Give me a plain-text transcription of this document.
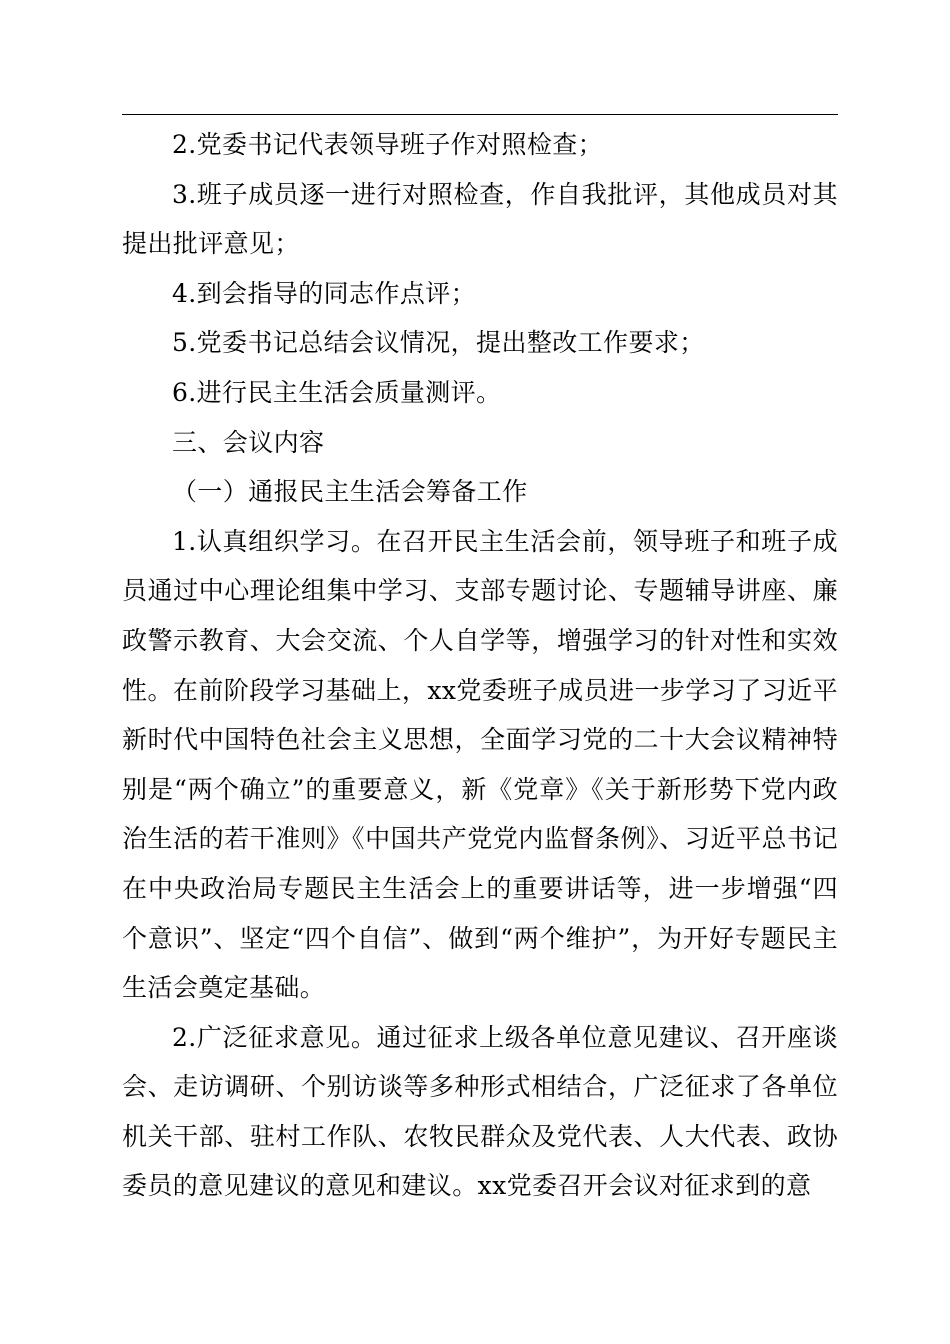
2.党委书记代表领导班子作对照检查；

3.班子成员逐一进行对照检查，作自我批评，其他成员对其提出批评意见；

4.到会指导的同志作点评；

5.党委书记总结会议情况，提出整改工作要求；

6.进行民主生活会质量测评。

三、会议内容

（一）通报民主生活会筹备工作

1.认真组织学习。在召开民主生活会前，领导班子和班子成员通过中心理论组集中学习、支部专题讨论、专题辅导讲座、廉政警示教育、大会交流、个人自学等，增强学习的针对性和实效性。在前阶段学习基础上，xx党委班子成员进一步学习了习近平新时代中国特色社会主义思想，全面学习党的二十大会议精神特别是“两个确立”的重要意义，新《党章》《关于新形势下党内政治生活的若干准则》《中国共产党党内监督条例》、习近平总书记在中央政治局专题民主生活会上的重要讲话等，进一步增强“四个意识”、坚定“四个自信”、做到“两个维护”，为开好专题民主生活会奠定基础。

2.广泛征求意见。通过征求上级各单位意见建议、召开座谈会、走访调研、个别访谈等多种形式相结合，广泛征求了各单位机关干部、驻村工作队、农牧民群众及党代表、人大代表、政协委员的意见建议的意见和建议。xx党委召开会议对征求到的意
